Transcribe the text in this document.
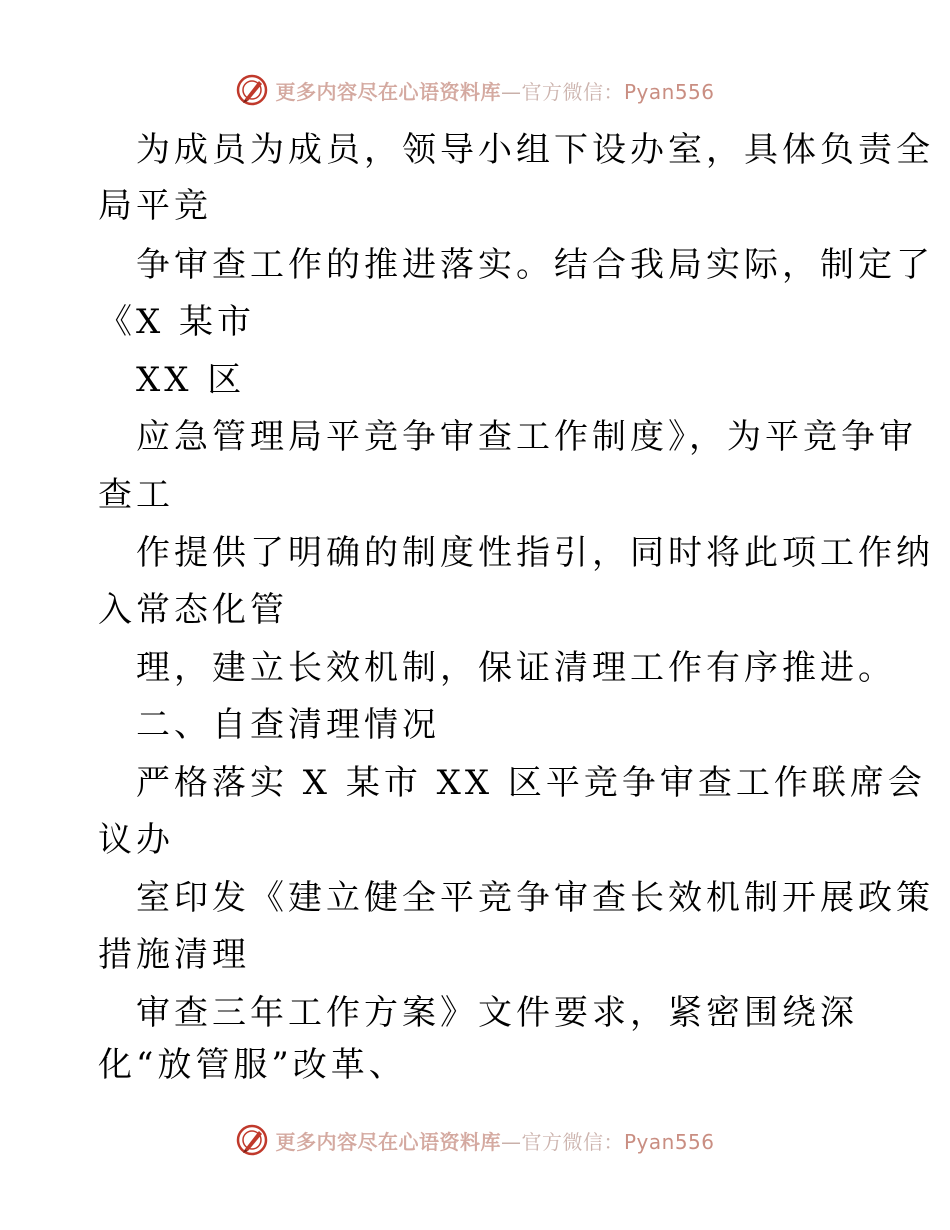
更多内容尽在心语资料库—官方微信：Pyan556
为成员为成员，领导小组下设办室，具体负责全
局平竞
争审查工作的推进落实。结合我局实际，制定了
《X 某市
XX 区
应急管理局平竞争审查工作制度》，为平竞争审
查工
作提供了明确的制度性指引，同时将此项工作纳
入常态化管
理，建立长效机制，保证清理工作有序推进。
二、自查清理情况
严格落实 X 某市 XX 区平竞争审查工作联席会
议办
室印发《建立健全平竞争审查长效机制开展政策
措施清理
审查三年工作方案》文件要求，紧密围绕深
化“放管服”改革、
更多内容尽在心语资料库—官方微信：Pyan556
